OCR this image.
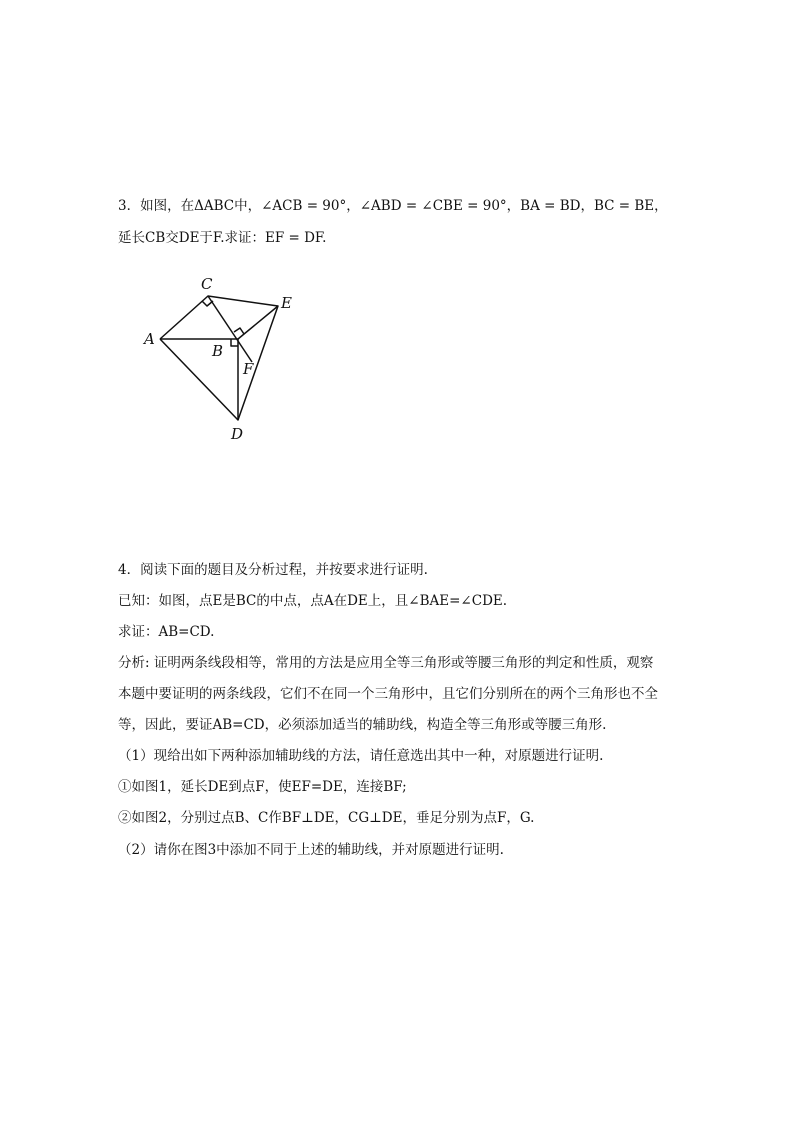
3．如图，在ΔABC中，∠ACB = 90°，∠ABD = ∠CBE = 90°，BA = BD，BC = BE，
延长CB交DE于F.求证：EF = DF.
C
E
A
B
F
D
4．阅读下面的题目及分析过程，并按要求进行证明.
已知：如图，点E是BC的中点，点A在DE上，且∠BAE=∠CDE.
求证：AB=CD.
分析: 证明两条线段相等，常用的方法是应用全等三角形或等腰三角形的判定和性质，观察
本题中要证明的两条线段，它们不在同一个三角形中，且它们分别所在的两个三角形也不全
等，因此，要证AB=CD，必须添加适当的辅助线，构造全等三角形或等腰三角形.
（1）现给出如下两种添加辅助线的方法，请任意选出其中一种，对原题进行证明.
①如图1，延长DE到点F，使EF=DE，连接BF;
②如图2，分别过点B、C作BF⊥DE，CG⊥DE，垂足分别为点F，G.
（2）请你在图3中添加不同于上述的辅助线，并对原题进行证明.
